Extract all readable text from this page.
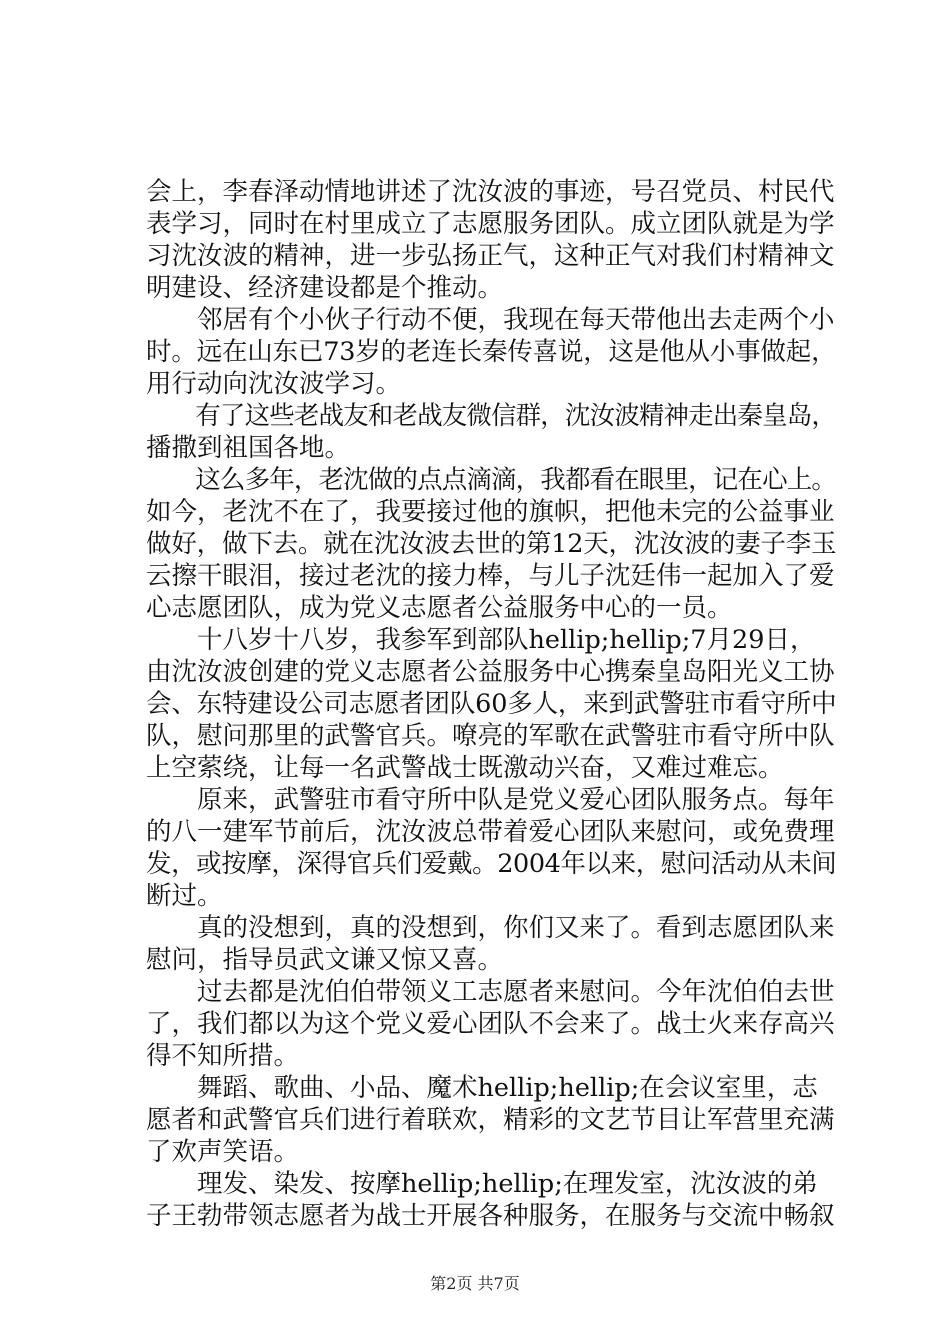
会上，李春泽动情地讲述了沈汝波的事迹，号召党员、村民代
表学习，同时在村里成立了志愿服务团队。成立团队就是为学
习沈汝波的精神，进一步弘扬正气，这种正气对我们村精神文
明建设、经济建设都是个推动。
　　邻居有个小伙子行动不便，我现在每天带他出去走两个小
时。远在山东已73岁的老连长秦传喜说，这是他从小事做起，
用行动向沈汝波学习。
　　有了这些老战友和老战友微信群，沈汝波精神走出秦皇岛，
播撒到祖国各地。
　　这么多年，老沈做的点点滴滴，我都看在眼里，记在心上。
如今，老沈不在了，我要接过他的旗帜，把他未完的公益事业
做好，做下去。就在沈汝波去世的第12天，沈汝波的妻子李玉
云擦干眼泪，接过老沈的接力棒，与儿子沈廷伟一起加入了爱
心志愿团队，成为党义志愿者公益服务中心的一员。
　　十八岁十八岁，我参军到部队hellip;hellip;7月29日，
由沈汝波创建的党义志愿者公益服务中心携秦皇岛阳光义工协
会、东特建设公司志愿者团队60多人，来到武警驻市看守所中
队，慰问那里的武警官兵。嘹亮的军歌在武警驻市看守所中队
上空萦绕，让每一名武警战士既激动兴奋，又难过难忘。
　　原来，武警驻市看守所中队是党义爱心团队服务点。每年
的八一建军节前后，沈汝波总带着爱心团队来慰问，或免费理
发，或按摩，深得官兵们爱戴。2004年以来，慰问活动从未间
断过。
　　真的没想到，真的没想到，你们又来了。看到志愿团队来
慰问，指导员武文谦又惊又喜。
　　过去都是沈伯伯带领义工志愿者来慰问。今年沈伯伯去世
了，我们都以为这个党义爱心团队不会来了。战士火来存高兴
得不知所措。
　　舞蹈、歌曲、小品、魔术hellip;hellip;在会议室里，志
愿者和武警官兵们进行着联欢，精彩的文艺节目让军营里充满
了欢声笑语。
　　理发、染发、按摩hellip;hellip;在理发室，沈汝波的弟
子王勃带领志愿者为战士开展各种服务，在服务与交流中畅叙
第2页 共7页
